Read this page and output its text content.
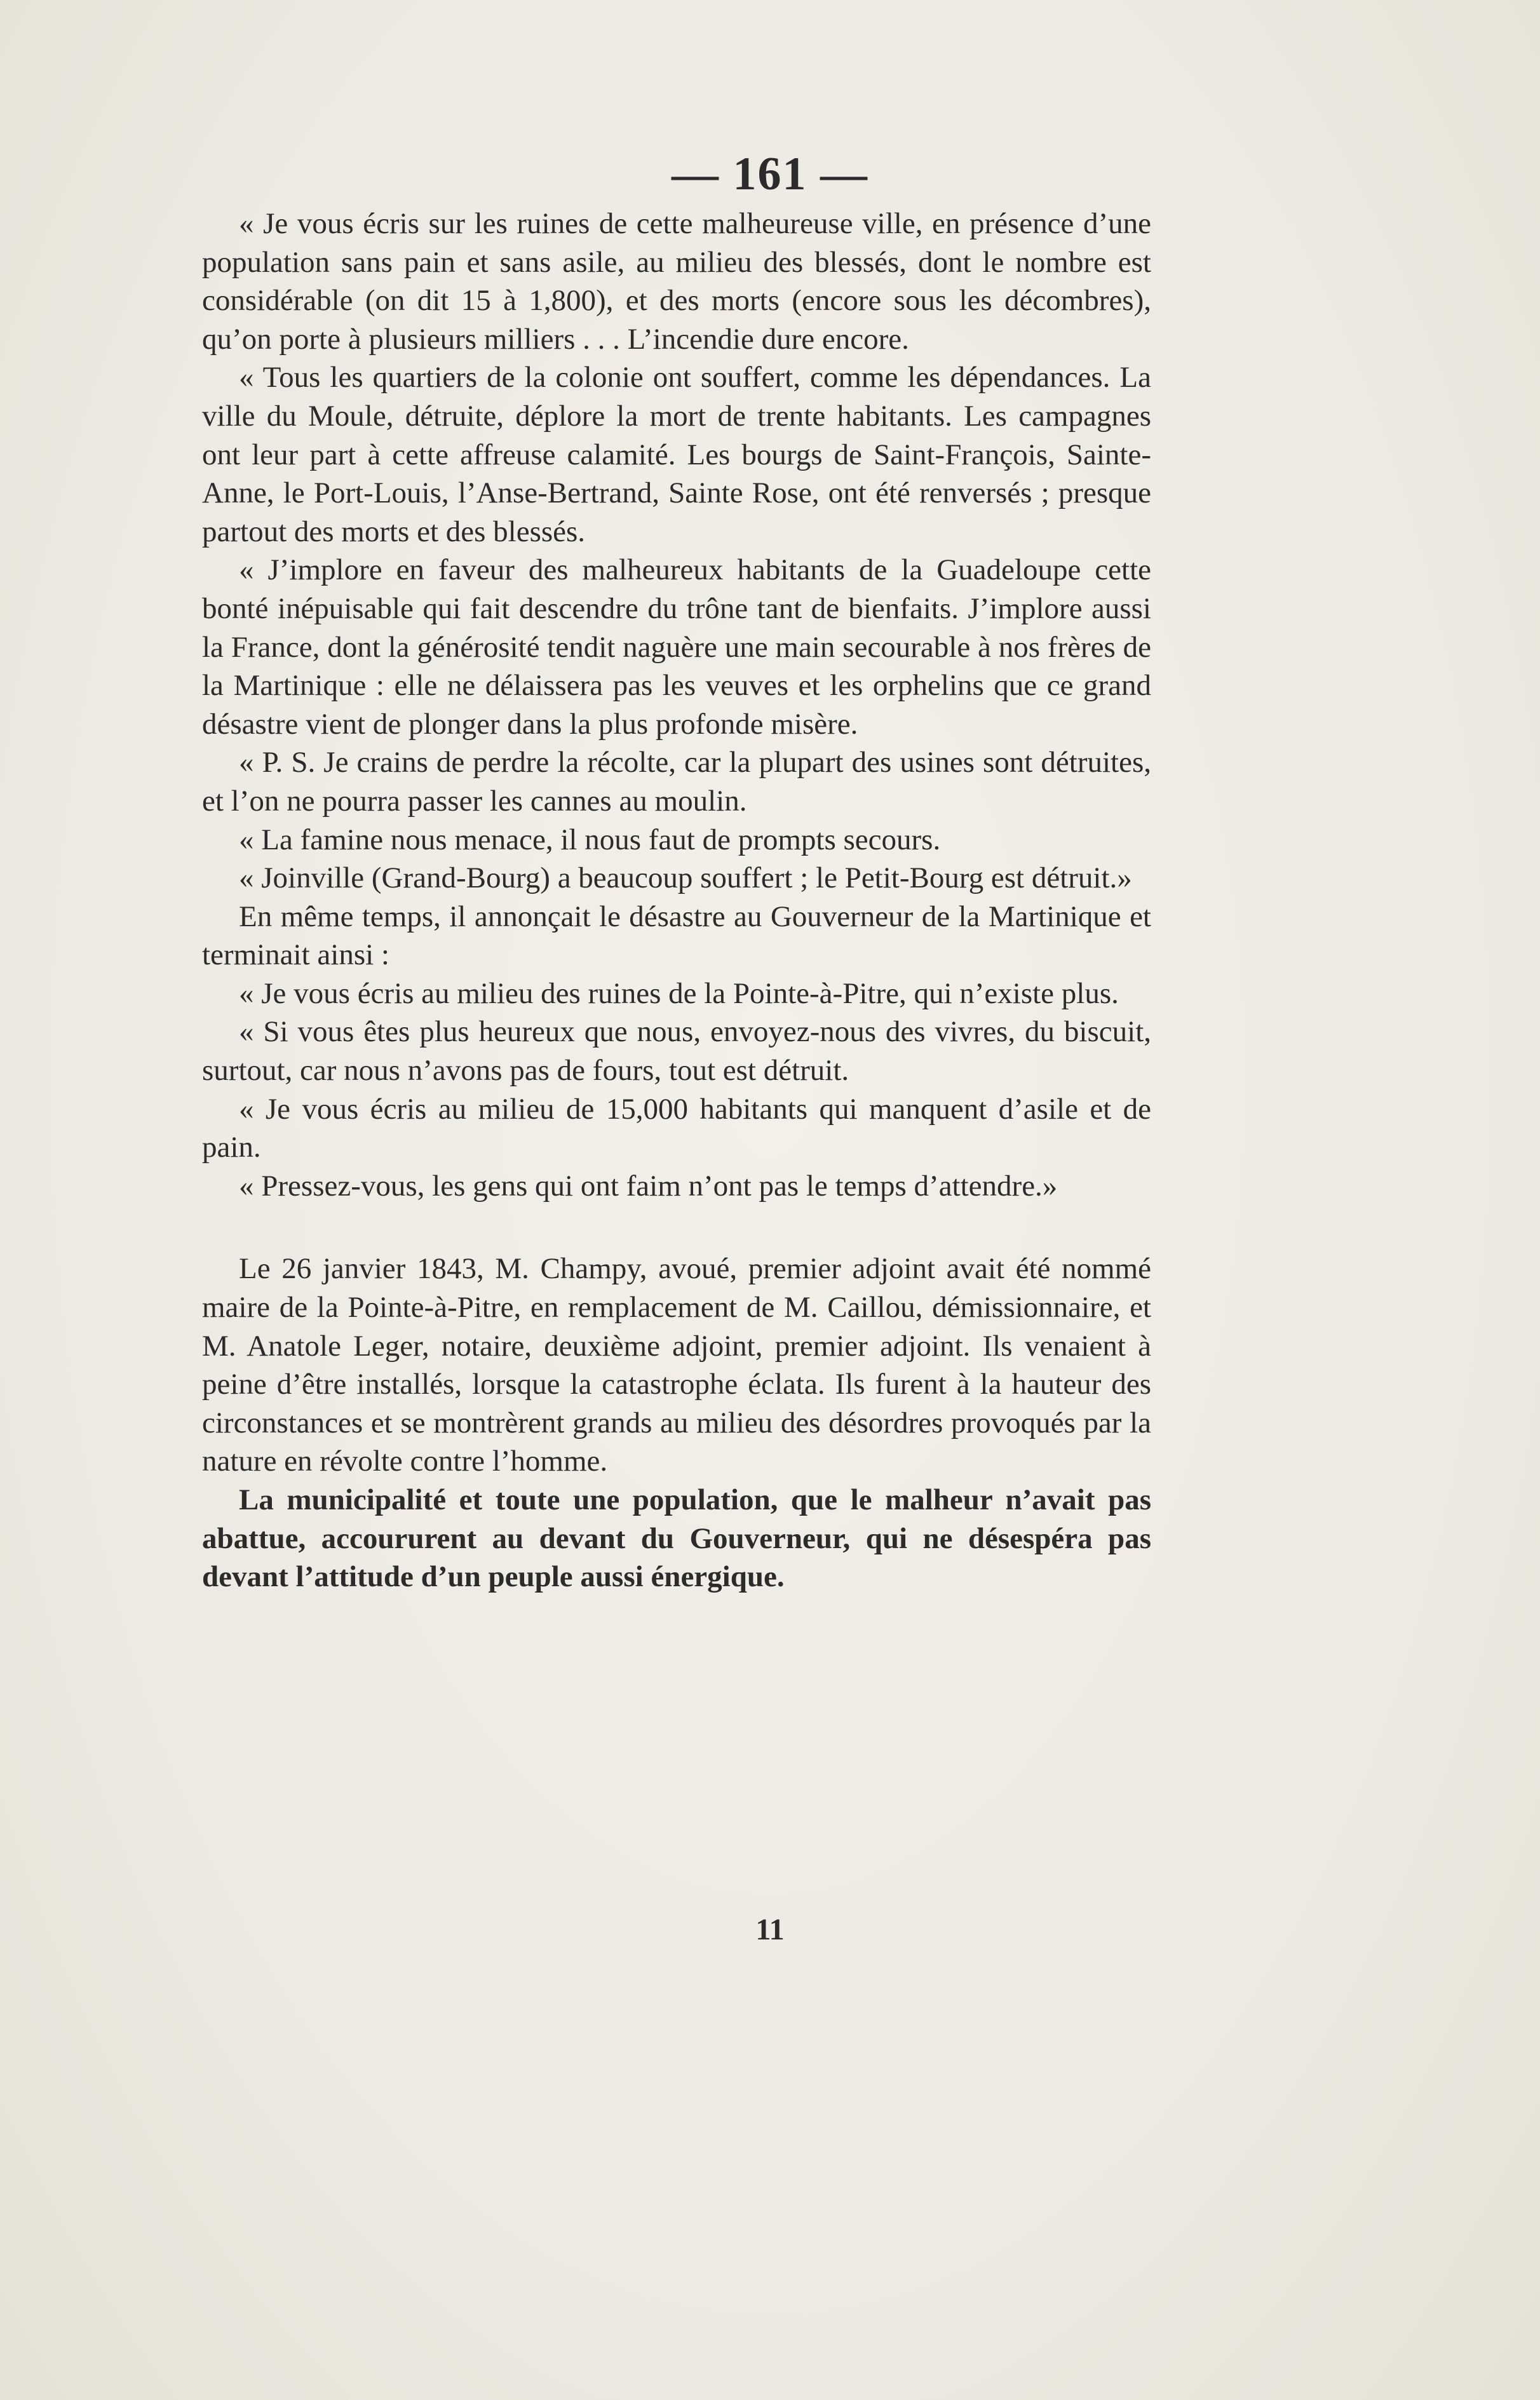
— 161 —

« Je vous écris sur les ruines de cette malheureuse ville, en présence d’une population sans pain et sans asile, au milieu des blessés, dont le nombre est considérable (on dit 15 à 1,800), et des morts (encore sous les décombres), qu’on porte à plusieurs milliers . . . L’incendie dure encore.

« Tous les quartiers de la colonie ont souffert, comme les dépendances. La ville du Moule, détruite, déplore la mort de trente habitants. Les campagnes ont leur part à cette affreuse calamité. Les bourgs de Saint-François, Sainte-Anne, le Port-Louis, l’Anse-Bertrand, Sainte Rose, ont été renversés ; presque partout des morts et des blessés.

« J’implore en faveur des malheureux habitants de la Guadeloupe cette bonté inépuisable qui fait descendre du trône tant de bienfaits. J’implore aussi la France, dont la générosité tendit naguère une main secourable à nos frères de la Martinique : elle ne délaissera pas les veuves et les orphelins que ce grand désastre vient de plonger dans la plus profonde misère.

« P. S. Je crains de perdre la récolte, car la plupart des usines sont détruites, et l’on ne pourra passer les cannes au moulin.

« La famine nous menace, il nous faut de prompts secours.

« Joinville (Grand-Bourg) a beaucoup souffert ; le Petit-Bourg est détruit.»

En même temps, il annonçait le désastre au Gouverneur de la Martinique et terminait ainsi :

« Je vous écris au milieu des ruines de la Pointe-à-Pitre, qui n’existe plus.

« Si vous êtes plus heureux que nous, envoyez-nous des vivres, du biscuit, surtout, car nous n’avons pas de fours, tout est détruit.

« Je vous écris au milieu de 15,000 habitants qui manquent d’asile et de pain.

« Pressez-vous, les gens qui ont faim n’ont pas le temps d’attendre.»

Le 26 janvier 1843, M. Champy, avoué, premier adjoint avait été nommé maire de la Pointe-à-Pitre, en remplacement de M. Caillou, démissionnaire, et M. Anatole Leger, notaire, deuxième adjoint, premier adjoint. Ils venaient à peine d’être installés, lorsque la catastrophe éclata. Ils furent à la hauteur des circonstances et se montrèrent grands au milieu des désordres provoqués par la nature en révolte contre l’homme.

La municipalité et toute une population, que le malheur n’avait pas abattue, accoururent au devant du Gouverneur, qui ne désespéra pas devant l’attitude d’un peuple aussi énergique.

11
